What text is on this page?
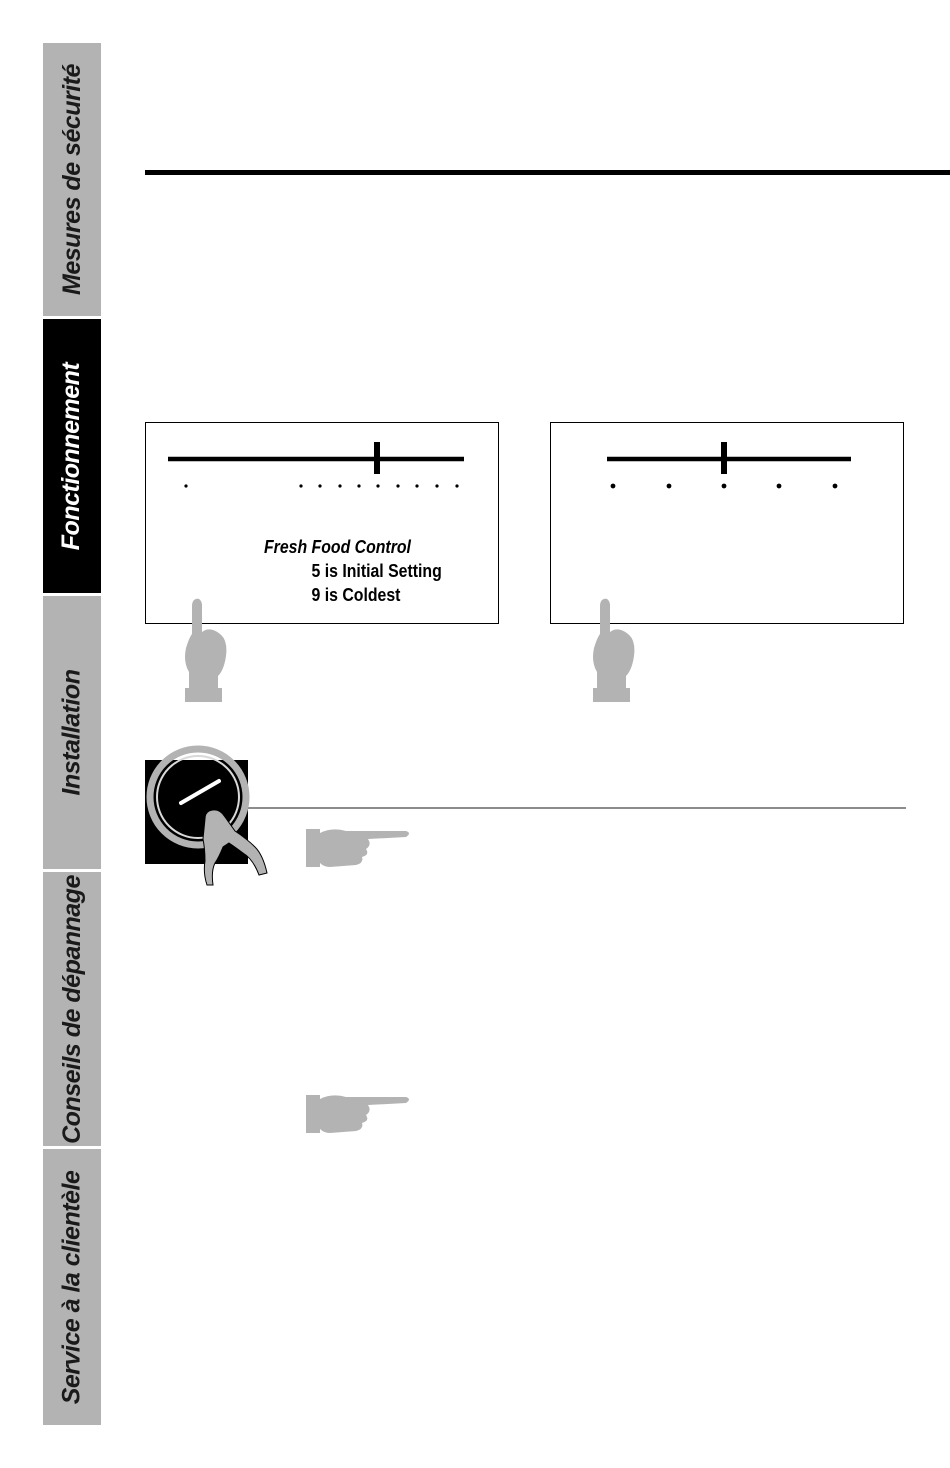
Mesures de sécurité
Fonctionnement
Installation
Conseils de dépannage
Service à la clientèle
Fresh Food Control
5 is Initial Setting
9 is Coldest
